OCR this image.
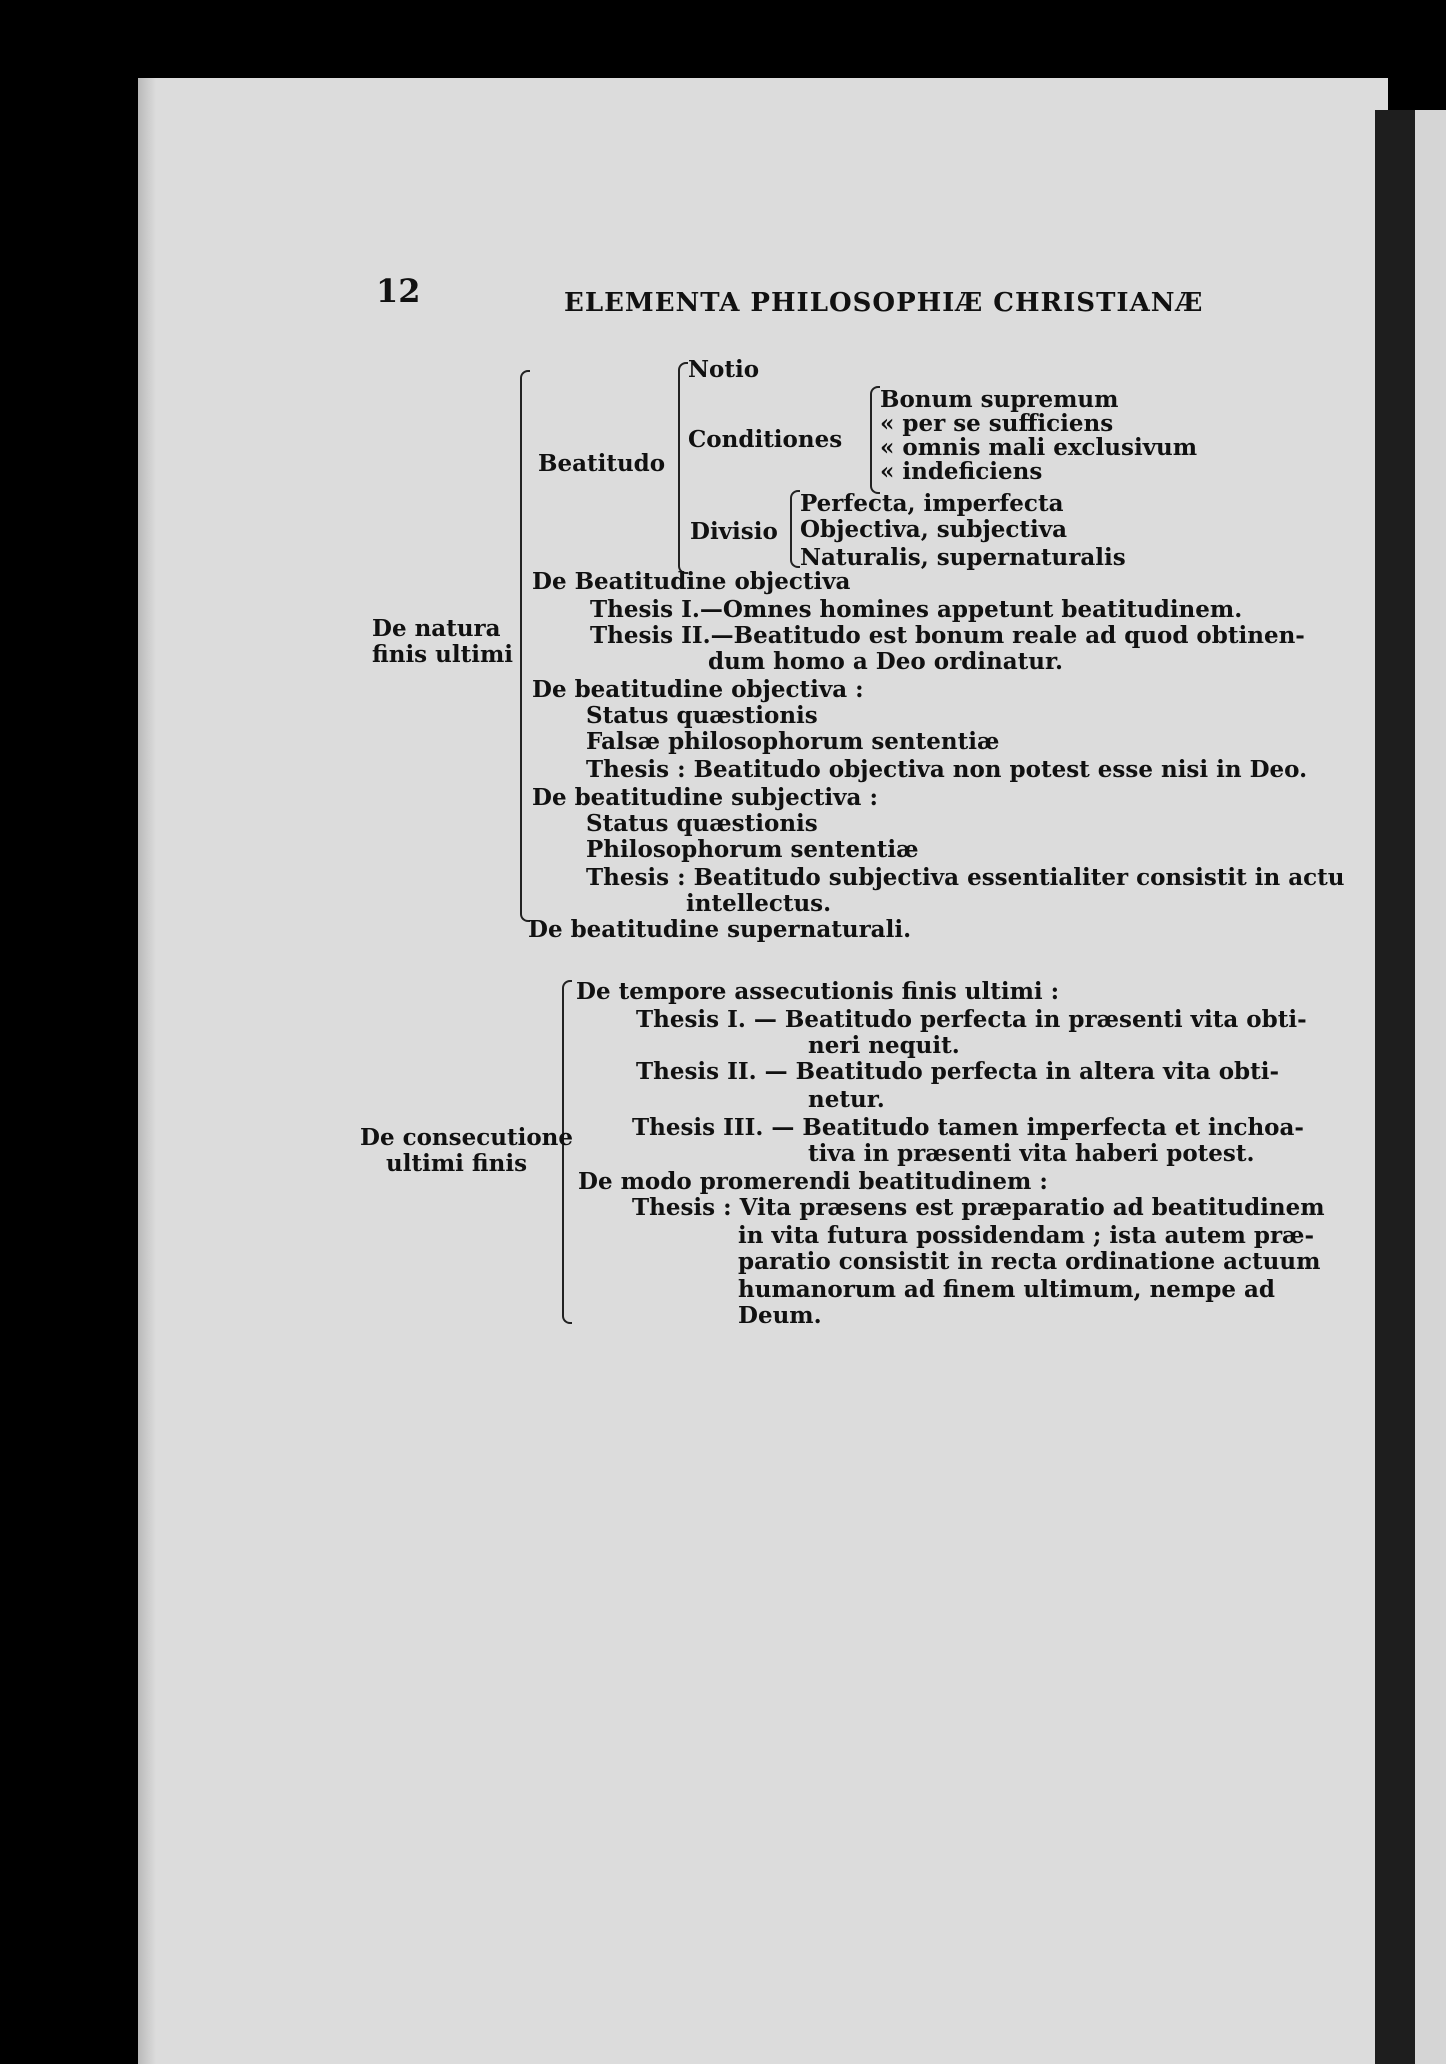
12	ELEMENTA PHILOSOPHIÆ CHRISTIANÆ
De natura
finis ultimi
Beatitudo
Notio
Conditiones
Bonum supremum
« per se sufficiens
« omnis mali exclusivum
« indeficiens
Divisio
Perfecta, imperfecta
Objectiva, subjectiva
Naturalis, supernaturalis
De Beatitudine objectiva
Thesis I.—Omnes homines appetunt beatitudinem.
Thesis II.—Beatitudo est bonum reale ad quod obtinen-
dum homo a Deo ordinatur.
De beatitudine objectiva :
Status quæstionis
Falsæ philosophorum sententiæ
Thesis : Beatitudo objectiva non potest esse nisi in Deo.
De beatitudine subjectiva :
Status quæstionis
Philosophorum sententiæ
Thesis : Beatitudo subjectiva essentialiter consistit in actu
intellectus.
De beatitudine supernaturali.
De consecutione
ultimi finis
De tempore assecutionis finis ultimi :
Thesis I. — Beatitudo perfecta in præsenti vita obti-
neri nequit.
Thesis II. — Beatitudo perfecta in altera vita obti-
netur.
Thesis III. — Beatitudo tamen imperfecta et inchoa-
tiva in præsenti vita haberi potest.
De modo promerendi beatitudinem :
Thesis : Vita præsens est præparatio ad beatitudinem
in vita futura possidendam ; ista autem præ-
paratio consistit in recta ordinatione actuum
humanorum ad finem ultimum, nempe ad
Deum.
